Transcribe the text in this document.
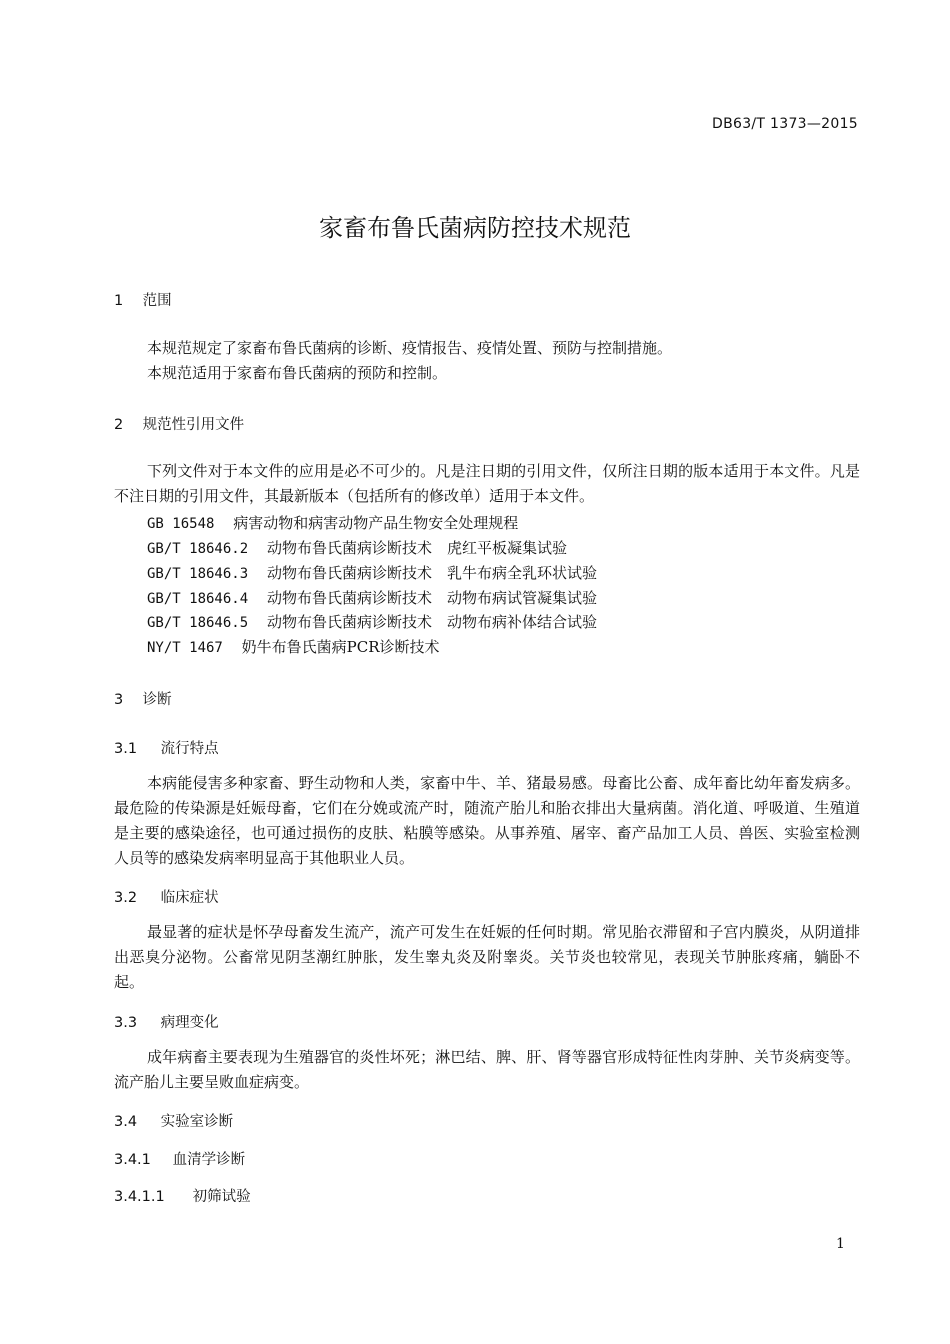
DB63/T 1373—2015
家畜布鲁氏菌病防控技术规范
1 范围
本规范规定了家畜布鲁氏菌病的诊断、疫情报告、疫情处置、预防与控制措施。
本规范适用于家畜布鲁氏菌病的预防和控制。
2 规范性引用文件
下列文件对于本文件的应用是必不可少的。凡是注日期的引用文件，仅所注日期的版本适用于本文件。凡是不注日期的引用文件，其最新版本（包括所有的修改单）适用于本文件。
GB 16548 病害动物和病害动物产品生物安全处理规程
GB/T 18646.2 动物布鲁氏菌病诊断技术　虎红平板凝集试验
GB/T 18646.3 动物布鲁氏菌病诊断技术　乳牛布病全乳环状试验
GB/T 18646.4 动物布鲁氏菌病诊断技术　动物布病试管凝集试验
GB/T 18646.5 动物布鲁氏菌病诊断技术　动物布病补体结合试验
NY/T 1467 奶牛布鲁氏菌病PCR诊断技术
3 诊断
3.1 流行特点
本病能侵害多种家畜、野生动物和人类，家畜中牛、羊、猪最易感。母畜比公畜、成年畜比幼年畜发病多。最危险的传染源是妊娠母畜，它们在分娩或流产时，随流产胎儿和胎衣排出大量病菌。消化道、呼吸道、生殖道是主要的感染途径，也可通过损伤的皮肤、粘膜等感染。从事养殖、屠宰、畜产品加工人员、兽医、实验室检测人员等的感染发病率明显高于其他职业人员。
3.2 临床症状
最显著的症状是怀孕母畜发生流产，流产可发生在妊娠的任何时期。常见胎衣滞留和子宫内膜炎，从阴道排出恶臭分泌物。公畜常见阴茎潮红肿胀，发生睾丸炎及附睾炎。关节炎也较常见，表现关节肿胀疼痛，躺卧不起。
3.3 病理变化
成年病畜主要表现为生殖器官的炎性坏死；淋巴结、脾、肝、肾等器官形成特征性肉芽肿、关节炎病变等。流产胎儿主要呈败血症病变。
3.4 实验室诊断
3.4.1 血清学诊断
3.4.1.1 初筛试验
1
